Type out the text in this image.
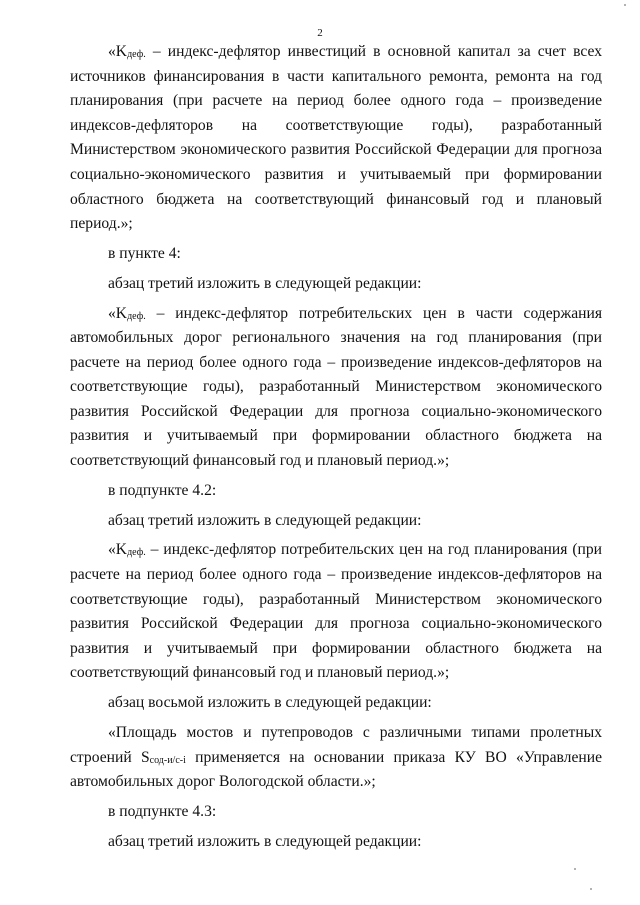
2

«$K_{деф.}$ – индекс-дефлятор инвестиций в основной капитал за счет всех источников финансирования в части капитального ремонта, ремонта на год планирования (при расчете на период более одного года – произведение индексов-дефляторов на соответствующие годы), разработанный Министерством экономического развития Российской Федерации для прогноза социально-экономического развития и учитываемый при формировании областного бюджета на соответствующий финансовый год и плановый период.»;

в пункте 4:

абзац третий изложить в следующей редакции:

«$K_{деф.}$ – индекс-дефлятор потребительских цен в части содержания автомобильных дорог регионального значения на год планирования (при расчете на период более одного года – произведение индексов-дефляторов на соответствующие годы), разработанный Министерством экономического развития Российской Федерации для прогноза социально-экономического развития и учитываемый при формировании областного бюджета на соответствующий финансовый год и плановый период.»;

в подпункте 4.2:

абзац третий изложить в следующей редакции:

«$K_{деф.}$ – индекс-дефлятор потребительских цен на год планирования (при расчете на период более одного года – произведение индексов-дефляторов на соответствующие годы), разработанный Министерством экономического развития Российской Федерации для прогноза социально-экономического развития и учитываемый при формировании областного бюджета на соответствующий финансовый год и плановый период.»;

абзац восьмой изложить в следующей редакции:

«Площадь мостов и путепроводов с различными типами пролетных строений $S_{сод-и/с-i}$ применяется на основании приказа КУ ВО «Управление автомобильных дорог Вологодской области.»;

в подпункте 4.3:

абзац третий изложить в следующей редакции:
